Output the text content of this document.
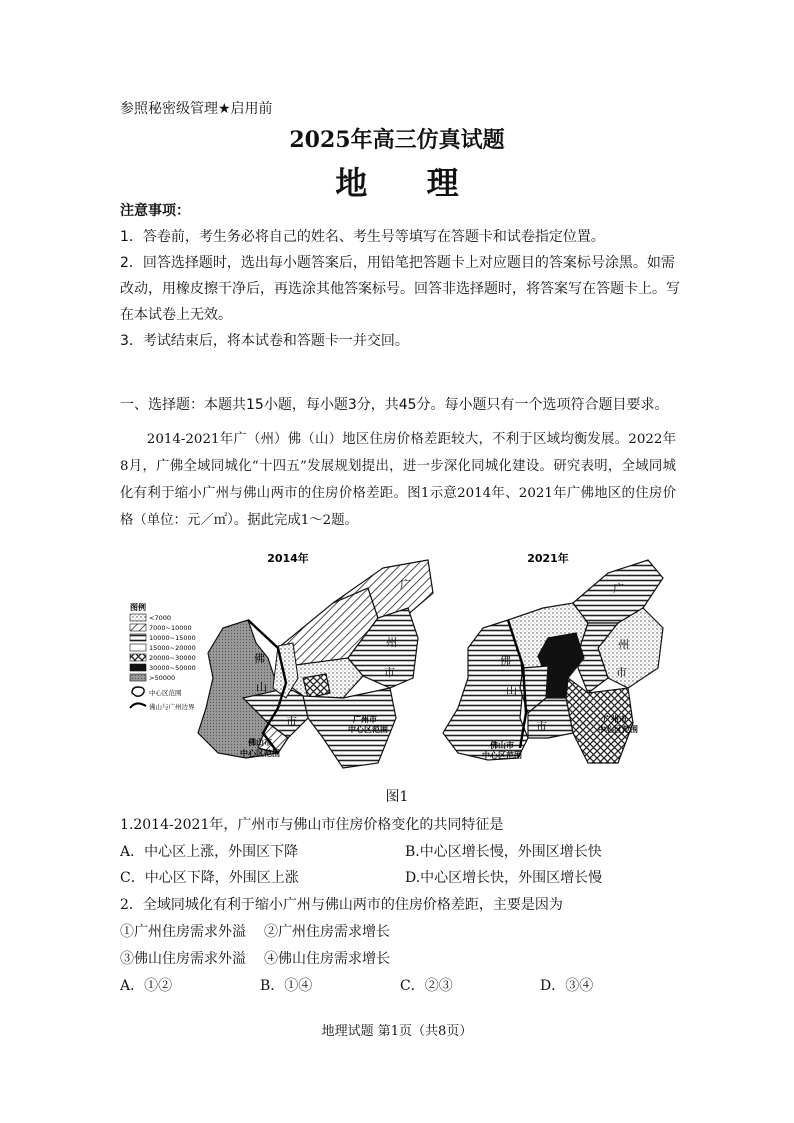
参照秘密级管理★启用前
2025年高三仿真试题
地 理
注意事项：
1．答卷前，考生务必将自己的姓名、考生号等填写在答题卡和试卷指定位置。
2．回答选择题时，选出每小题答案后，用铅笔把答题卡上对应题目的答案标号涂黑。如需改动，用橡皮擦干净后，再选涂其他答案标号。回答非选择题时，将答案写在答题卡上。写在本试卷上无效。
3．考试结束后，将本试卷和答题卡一并交回。
一、选择题：本题共15小题，每小题3分，共45分。每小题只有一个选项符合题目要求。
2014-2021年广（州）佛（山）地区住房价格差距较大，不利于区域均衡发展。2022年8月，广佛全域同城化“十四五”发展规划提出，进一步深化同城化建设。研究表明，全域同城化有利于缩小广州与佛山两市的住房价格差距。图1示意2014年、2021年广佛地区的住房价格（单位：元／㎡）。据此完成1～2题。
2014年
广
州
市
佛
山
市	广州市
中心区范围
佛山市
中心区范围
图例
<7000
7000~10000
10000~15000
15000~20000
20000~30000
30000~50000
>50000
中心区范围
佛山与广州边界
2021年
广
州
市
佛
山
市
广州市
中心区范围
佛山市
中心区范围
图1
1.2014-2021年，广州市与佛山市住房价格变化的共同特征是
A．中心区上涨，外围区下降	B.中心区增长慢，外围区增长快
C．中心区下降，外围区上涨	D.中心区增长快，外围区增长慢
2．全域同城化有利于缩小广州与佛山两市的住房价格差距，主要是因为
①广州住房需求外溢 ②广州住房需求增长
③佛山住房需求外溢 ④佛山住房需求增长
A．①②	B．①④	C．②③	D．③④
地理试题 第1页（共8页）
